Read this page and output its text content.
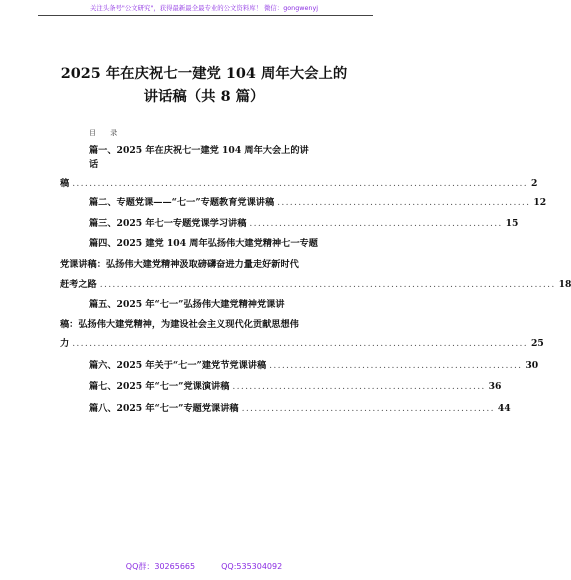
关注头条号"公文研究"，获得最新最全最专业的公文资料库！ 微信：gongwenyj
2025 年在庆祝七一建党 104 周年大会上的
讲话稿（共 8 篇）
目 录
篇一、2025 年在庆祝七一建党 104 周年大会上的讲
话
稿 ............................................................................................................ 2
篇二、专题党课——“七一”专题教育党课讲稿 ............................................................ 12
篇三、2025 年七一专题党课学习讲稿 ............................................................ 15
篇四、2025 建党 104 周年弘扬伟大建党精神七一专题
党课讲稿：弘扬伟大建党精神汲取磅礴奋进力量走好新时代
赶考之路 ............................................................................................................ 18
篇五、2025 年“七一”弘扬伟大建党精神党课讲
稿：弘扬伟大建党精神，为建设社会主义现代化贡献思想伟
力 ............................................................................................................ 25
篇六、2025 年关于“七一”建党节党课讲稿 ............................................................ 30
篇七、2025 年“七一”党课演讲稿 ............................................................ 36
篇八、2025 年“七一”专题党课讲稿 ............................................................ 44
QQ群：30265665	QQ:535304092
